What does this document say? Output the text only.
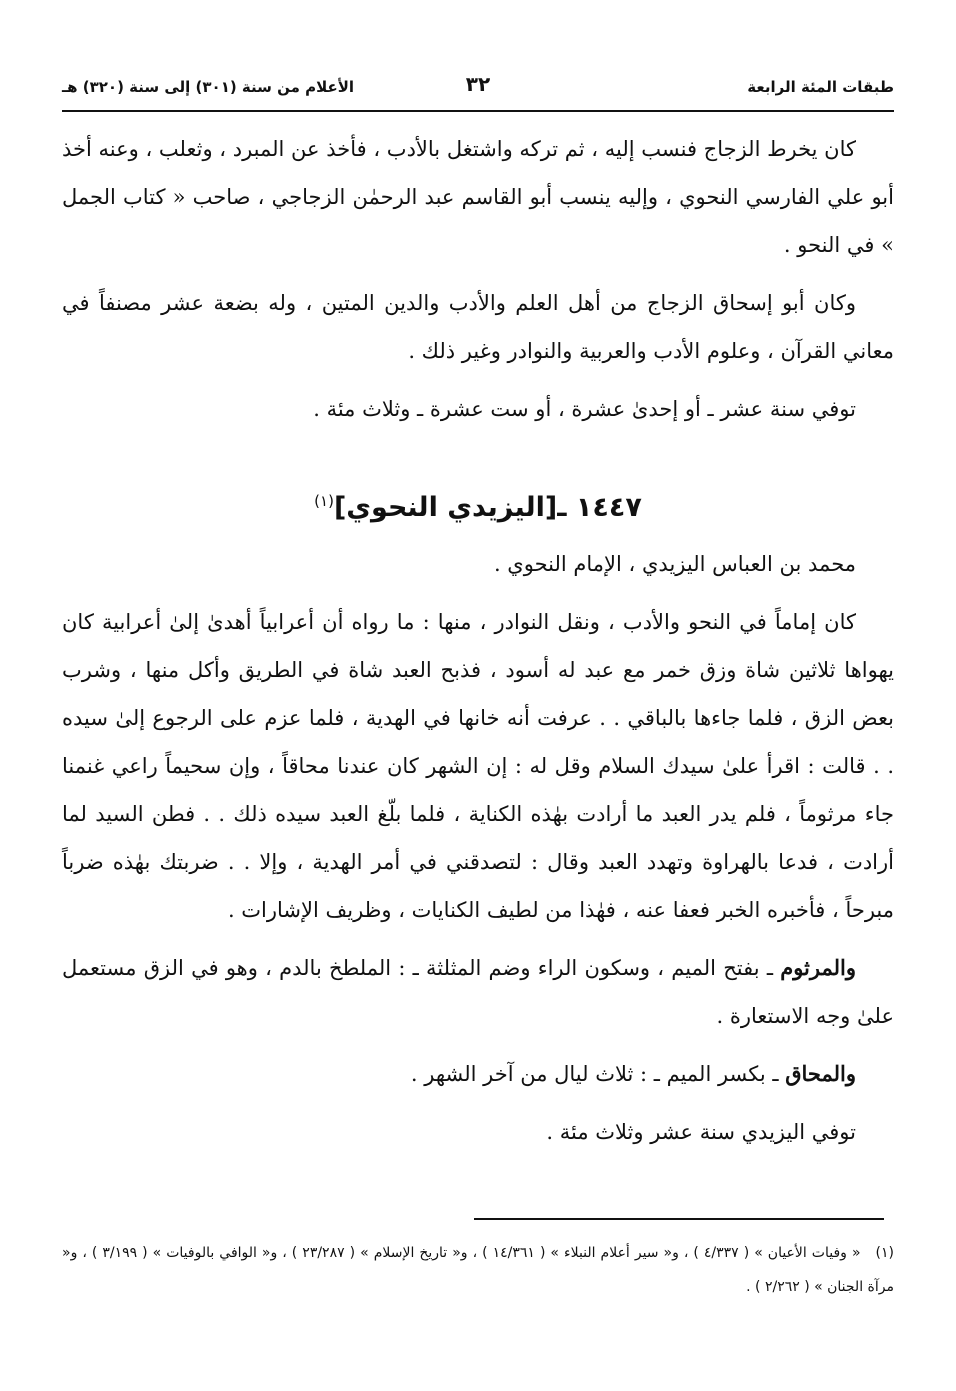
طبقات المئة الرابعة
٣٢
الأعلام من سنة (٣٠١) إلى سنة (٣٢٠) هـ

كان يخرط الزجاج فنسب إليه ، ثم تركه واشتغل بالأدب ، فأخذ عن المبرد ، وثعلب ، وعنه أخذ أبو علي الفارسي النحوي ، وإليه ينسب أبو القاسم عبد الرحمٰن الزجاجي ، صاحب « كتاب الجمل » في النحو .

وكان أبو إسحاق الزجاج من أهل العلم والأدب والدين المتين ، وله بضعة عشر مصنفاً في معاني القرآن ، وعلوم الأدب والعربية والنوادر وغير ذلك .

توفي سنة عشر ـ أو إحدىٰ عشرة ، أو ست عشرة ـ وثلاث مئة .

١٤٤٧ ـ[اليزيدي النحوي]$^{(١)}$

محمد بن العباس اليزيدي ، الإمام النحوي .

كان إماماً في النحو والأدب ، ونقل النوادر ، منها : ما رواه أن أعرابياً أهدىٰ إلىٰ أعرابية كان يهواها ثلاثين شاة وزق خمر مع عبد له أسود ، فذبح العبد شاة في الطريق وأكل منها ، وشرب بعض الزق ، فلما جاءها بالباقي . . عرفت أنه خانها في الهدية ، فلما عزم على الرجوع إلىٰ سيده . . قالت : اقرأ علىٰ سيدك السلام وقل له : إن الشهر كان عندنا محاقاً ، وإن سحيماً راعي غنمنا جاء مرثوماً ، فلم يدر العبد ما أرادت بهٰذه الكناية ، فلما بلّغ العبد سيده ذلك . . فطن السيد لما أرادت ، فدعا بالهراوة وتهدد العبد وقال : لتصدقني في أمر الهدية ، وإلا . . ضربتك بهٰذه ضرباً مبرحاً ، فأخبره الخبر فعفا عنه ، فهٰذا من لطيف الكنايات ، وظريف الإشارات .

والمرثوم ـ بفتح الميم ، وسكون الراء وضم المثلثة ـ : الملطخ بالدم ، وهو في الزق مستعمل علىٰ وجه الاستعارة .

والمحاق ـ بكسر الميم ـ : ثلاث ليال من آخر الشهر .

توفي اليزيدي سنة عشر وثلاث مئة .

(١) « وفيات الأعيان » ( ٤/٣٣٧ ) ، و« سير أعلام النبلاء » ( ١٤/٣٦١ ) ، و« تاريخ الإسلام » ( ٢٣/٢٨٧ ) ، و« الوافي بالوفيات » ( ٣/١٩٩ ) ، و« مرآة الجنان » ( ٢/٢٦٢ ) .
